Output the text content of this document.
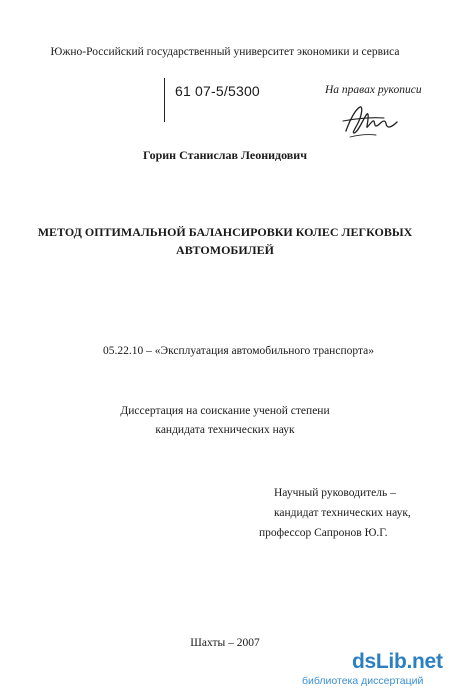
Южно-Российский государственный университет экономики и сервиса
61 07-5/5300	На правах рукописи
Горин Станислав Леонидович
МЕТОД ОПТИМАЛЬНОЙ БАЛАНСИРОВКИ КОЛЕС ЛЕГКОВЫХ
АВТОМОБИЛЕЙ
05.22.10 – «Эксплуатация автомобильного транспорта»
Диссертация на соискание ученой степени
кандидата технических наук
Научный руководитель –
кандидат технических наук,
профессор Сапронов Ю.Г.
Шахты – 2007
dsLib.net
библиотека диссертаций
